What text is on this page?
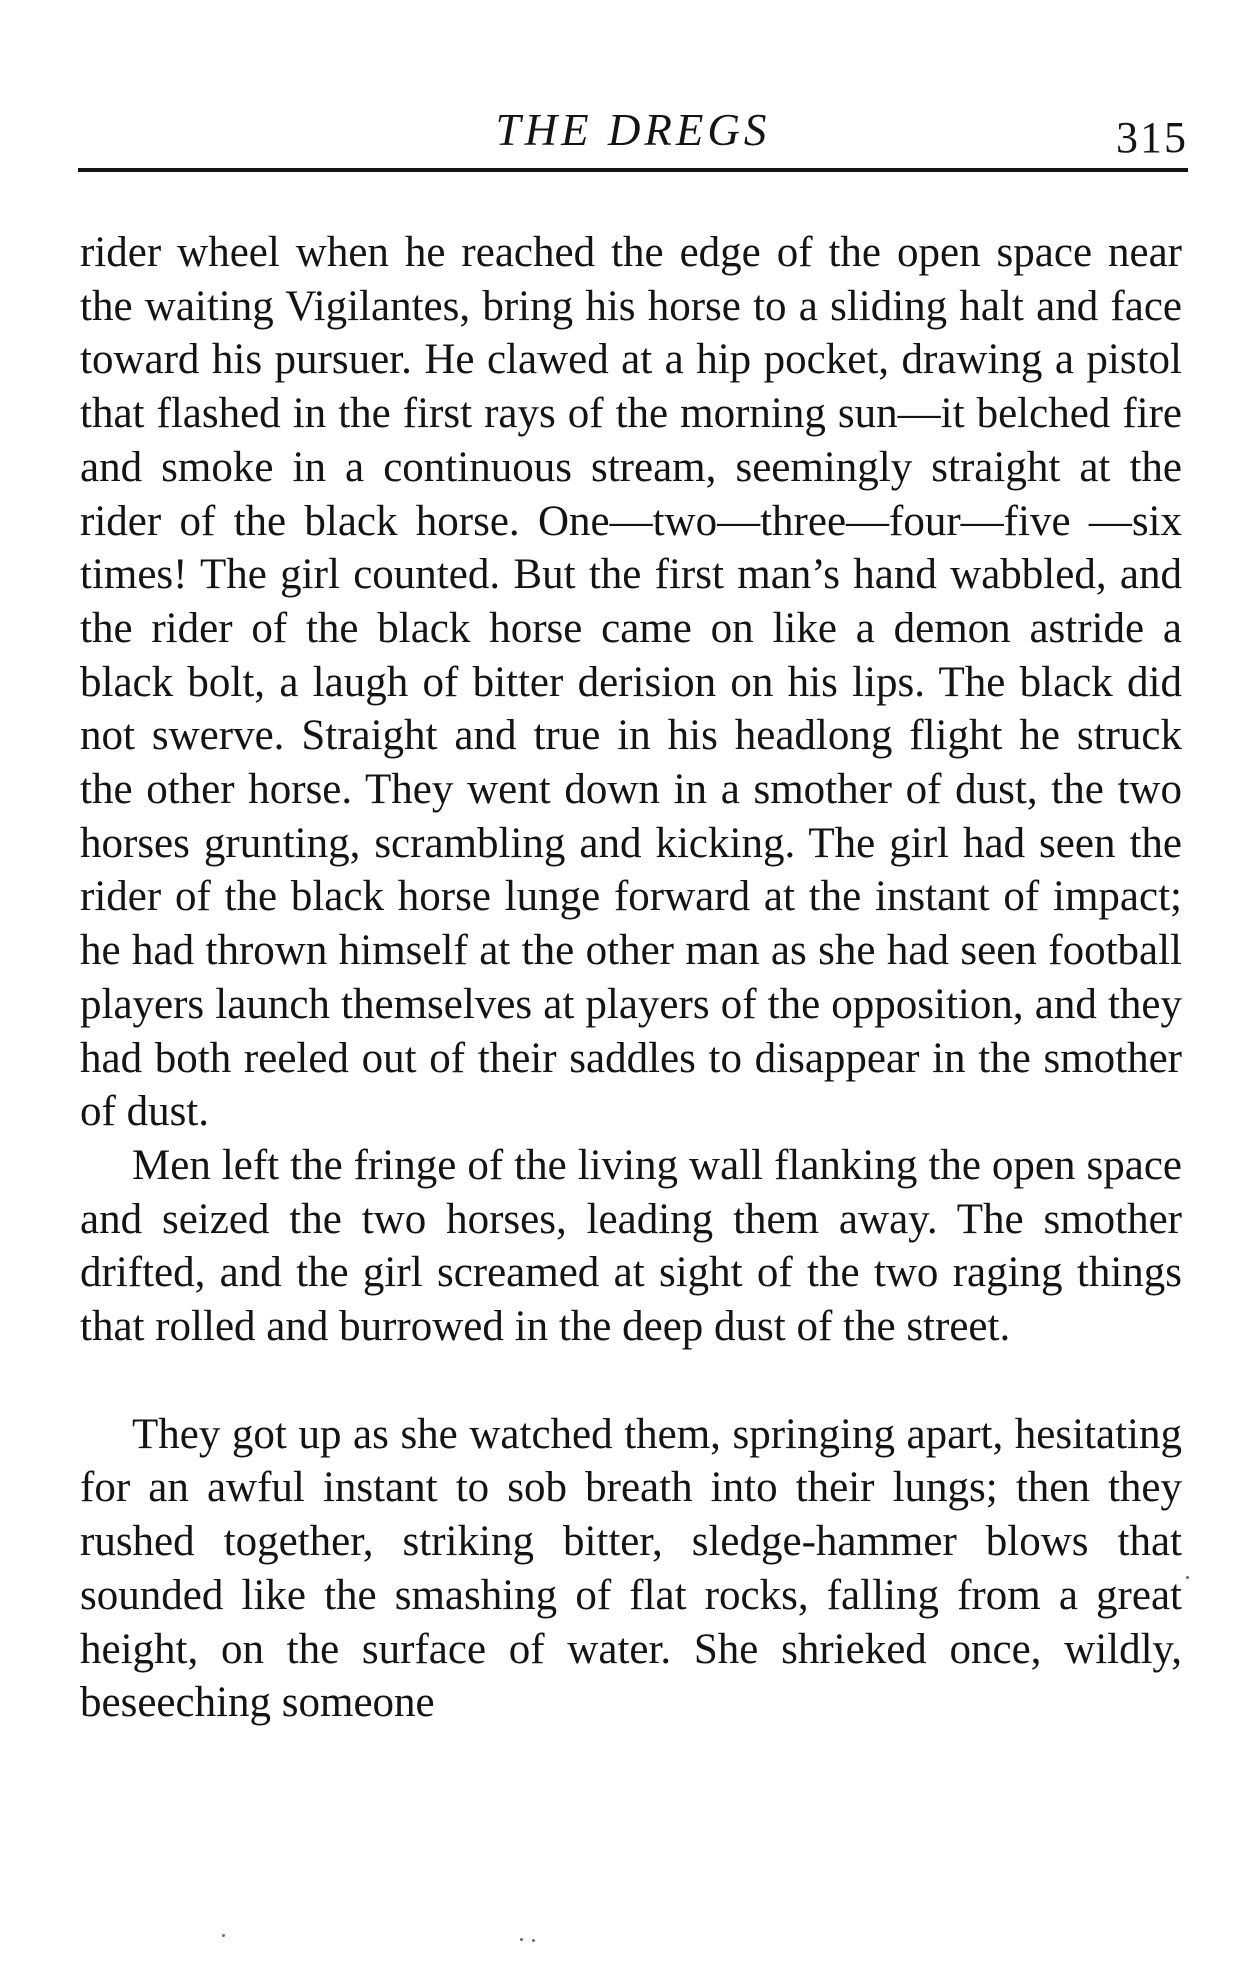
THE DREGS	315

rider wheel when he reached the edge of the open space near the waiting Vigilantes, bring his horse to a sliding halt and face toward his pursuer. He clawed at a hip pocket, drawing a pistol that flashed in the first rays of the morning sun—it belched fire and smoke in a continuous stream, seemingly straight at the rider of the black horse. One—two—three—four—five —six times! The girl counted. But the first man’s hand wabbled, and the rider of the black horse came on like a demon astride a black bolt, a laugh of bitter derision on his lips. The black did not swerve. Straight and true in his headlong flight he struck the other horse. They went down in a smother of dust, the two horses grunting, scrambling and kicking. The girl had seen the rider of the black horse lunge forward at the instant of impact; he had thrown himself at the other man as she had seen football players launch themselves at players of the opposition, and they had both reeled out of their saddles to disappear in the smother of dust.

Men left the fringe of the living wall flanking the open space and seized the two horses, leading them away. The smother drifted, and the girl screamed at sight of the two raging things that rolled and burrowed in the deep dust of the street.

They got up as she watched them, springing apart, hesitating for an awful instant to sob breath into their lungs; then they rushed together, striking bitter, sledge-hammer blows that sounded like the smashing of flat rocks, falling from a great height, on the surface of water. She shrieked once, wildly, beseeching someone
